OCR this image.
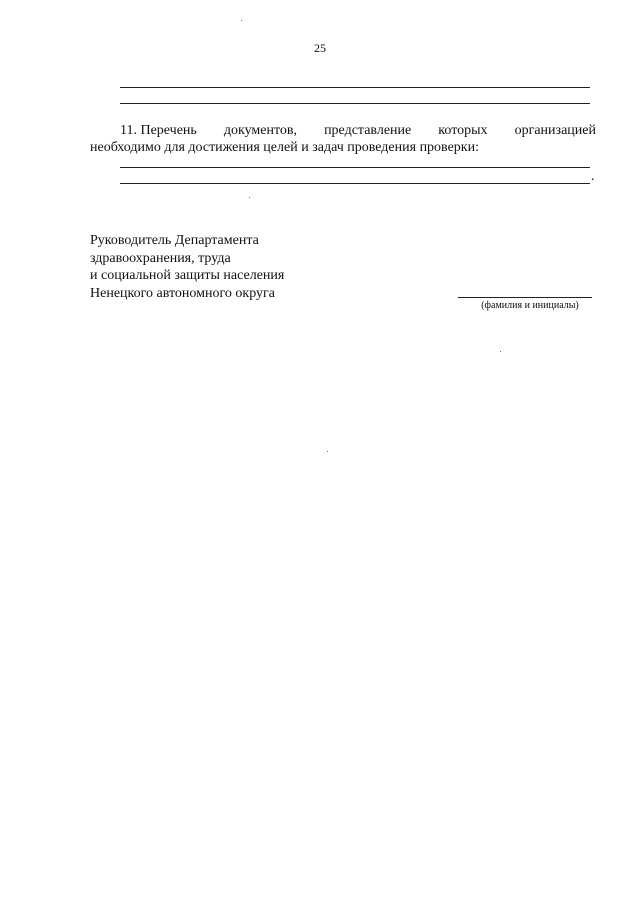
25
11. Перечень документов, представление которых организацией
необходимо для достижения целей и задач проведения проверки:
.
Руководитель Департамента
здравоохранения, труда
и социальной защиты населения
Ненецкого автономного округа
(фамилия и инициалы)
